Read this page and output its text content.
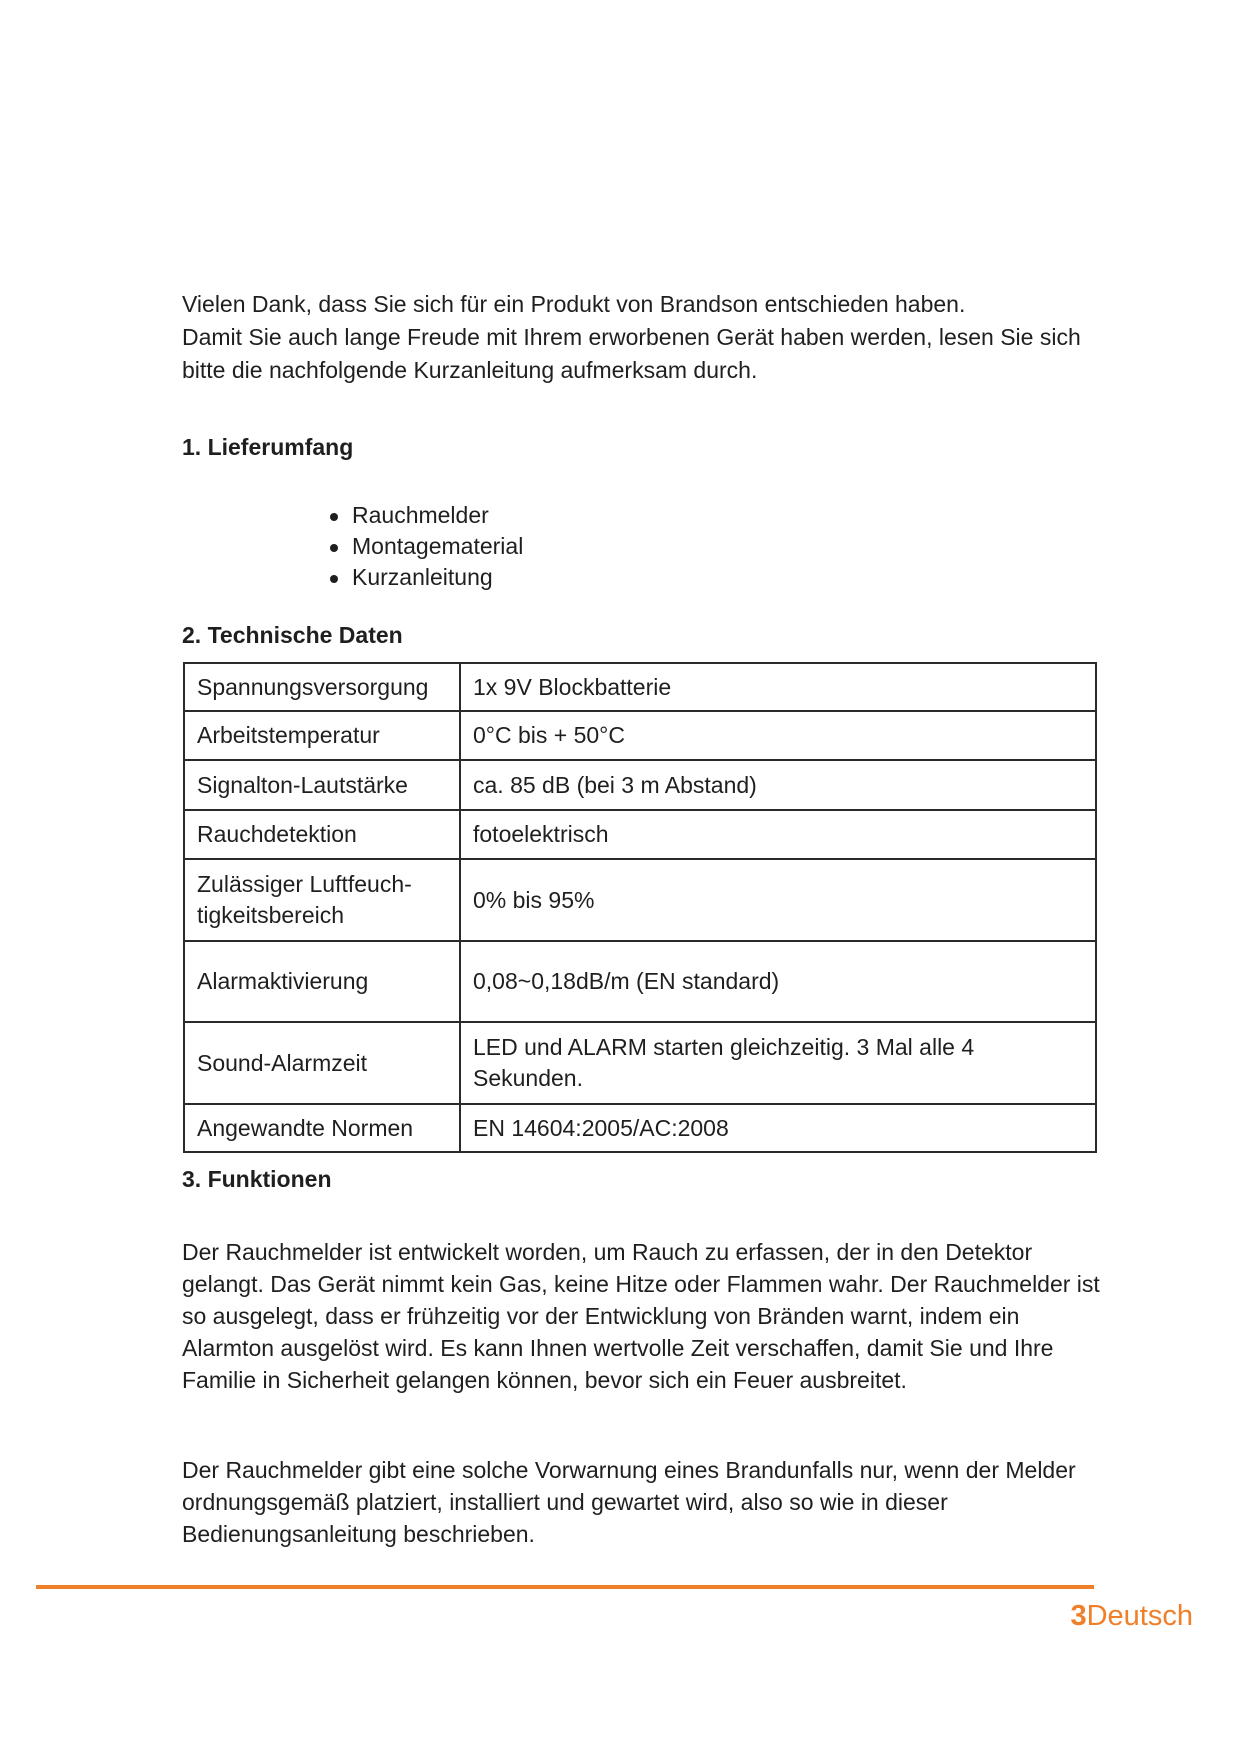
Vielen Dank, dass Sie sich für ein Produkt von Brandson entschieden haben.

Damit Sie auch lange Freude mit Ihrem erworbenen Gerät haben werden, lesen Sie sich bitte die nachfolgende Kurzanleitung aufmerksam durch.

1. Lieferumfang
Rauchmelder
Montagematerial
Kurzanleitung
2. Technische Daten
Spannungsversorgung	1x 9V Blockbatterie
Arbeitstemperatur	0°C bis + 50°C
Signalton-Lautstärke	ca. 85 dB (bei 3 m Abstand)
Rauchdetektion	fotoelektrisch
Zulässiger Luftfeuch-tigkeitsbereich	0% bis 95%
Alarmaktivierung	0,08~0,18dB/m (EN standard)
Sound-Alarmzeit	LED und ALARM starten gleichzeitig. 3 Mal alle 4 Sekunden.
Angewandte Normen	EN 14604:2005/AC:2008
3. Funktionen

Der Rauchmelder ist entwickelt worden, um Rauch zu erfassen, der in den Detektor gelangt. Das Gerät nimmt kein Gas, keine Hitze oder Flammen wahr. Der Rauchmelder ist so ausgelegt, dass er frühzeitig vor der Entwicklung von Bränden warnt, indem ein Alarmton ausgelöst wird. Es kann Ihnen wertvolle Zeit verschaffen, damit Sie und Ihre Familie in Sicherheit gelangen können, bevor sich ein Feuer ausbreitet.

Der Rauchmelder gibt eine solche Vorwarnung eines Brandunfalls nur, wenn der Melder ordnungsgemäß platziert, installiert und gewartet wird, also so wie in dieser Bedienungsanleitung beschrieben.

3Deutsch
